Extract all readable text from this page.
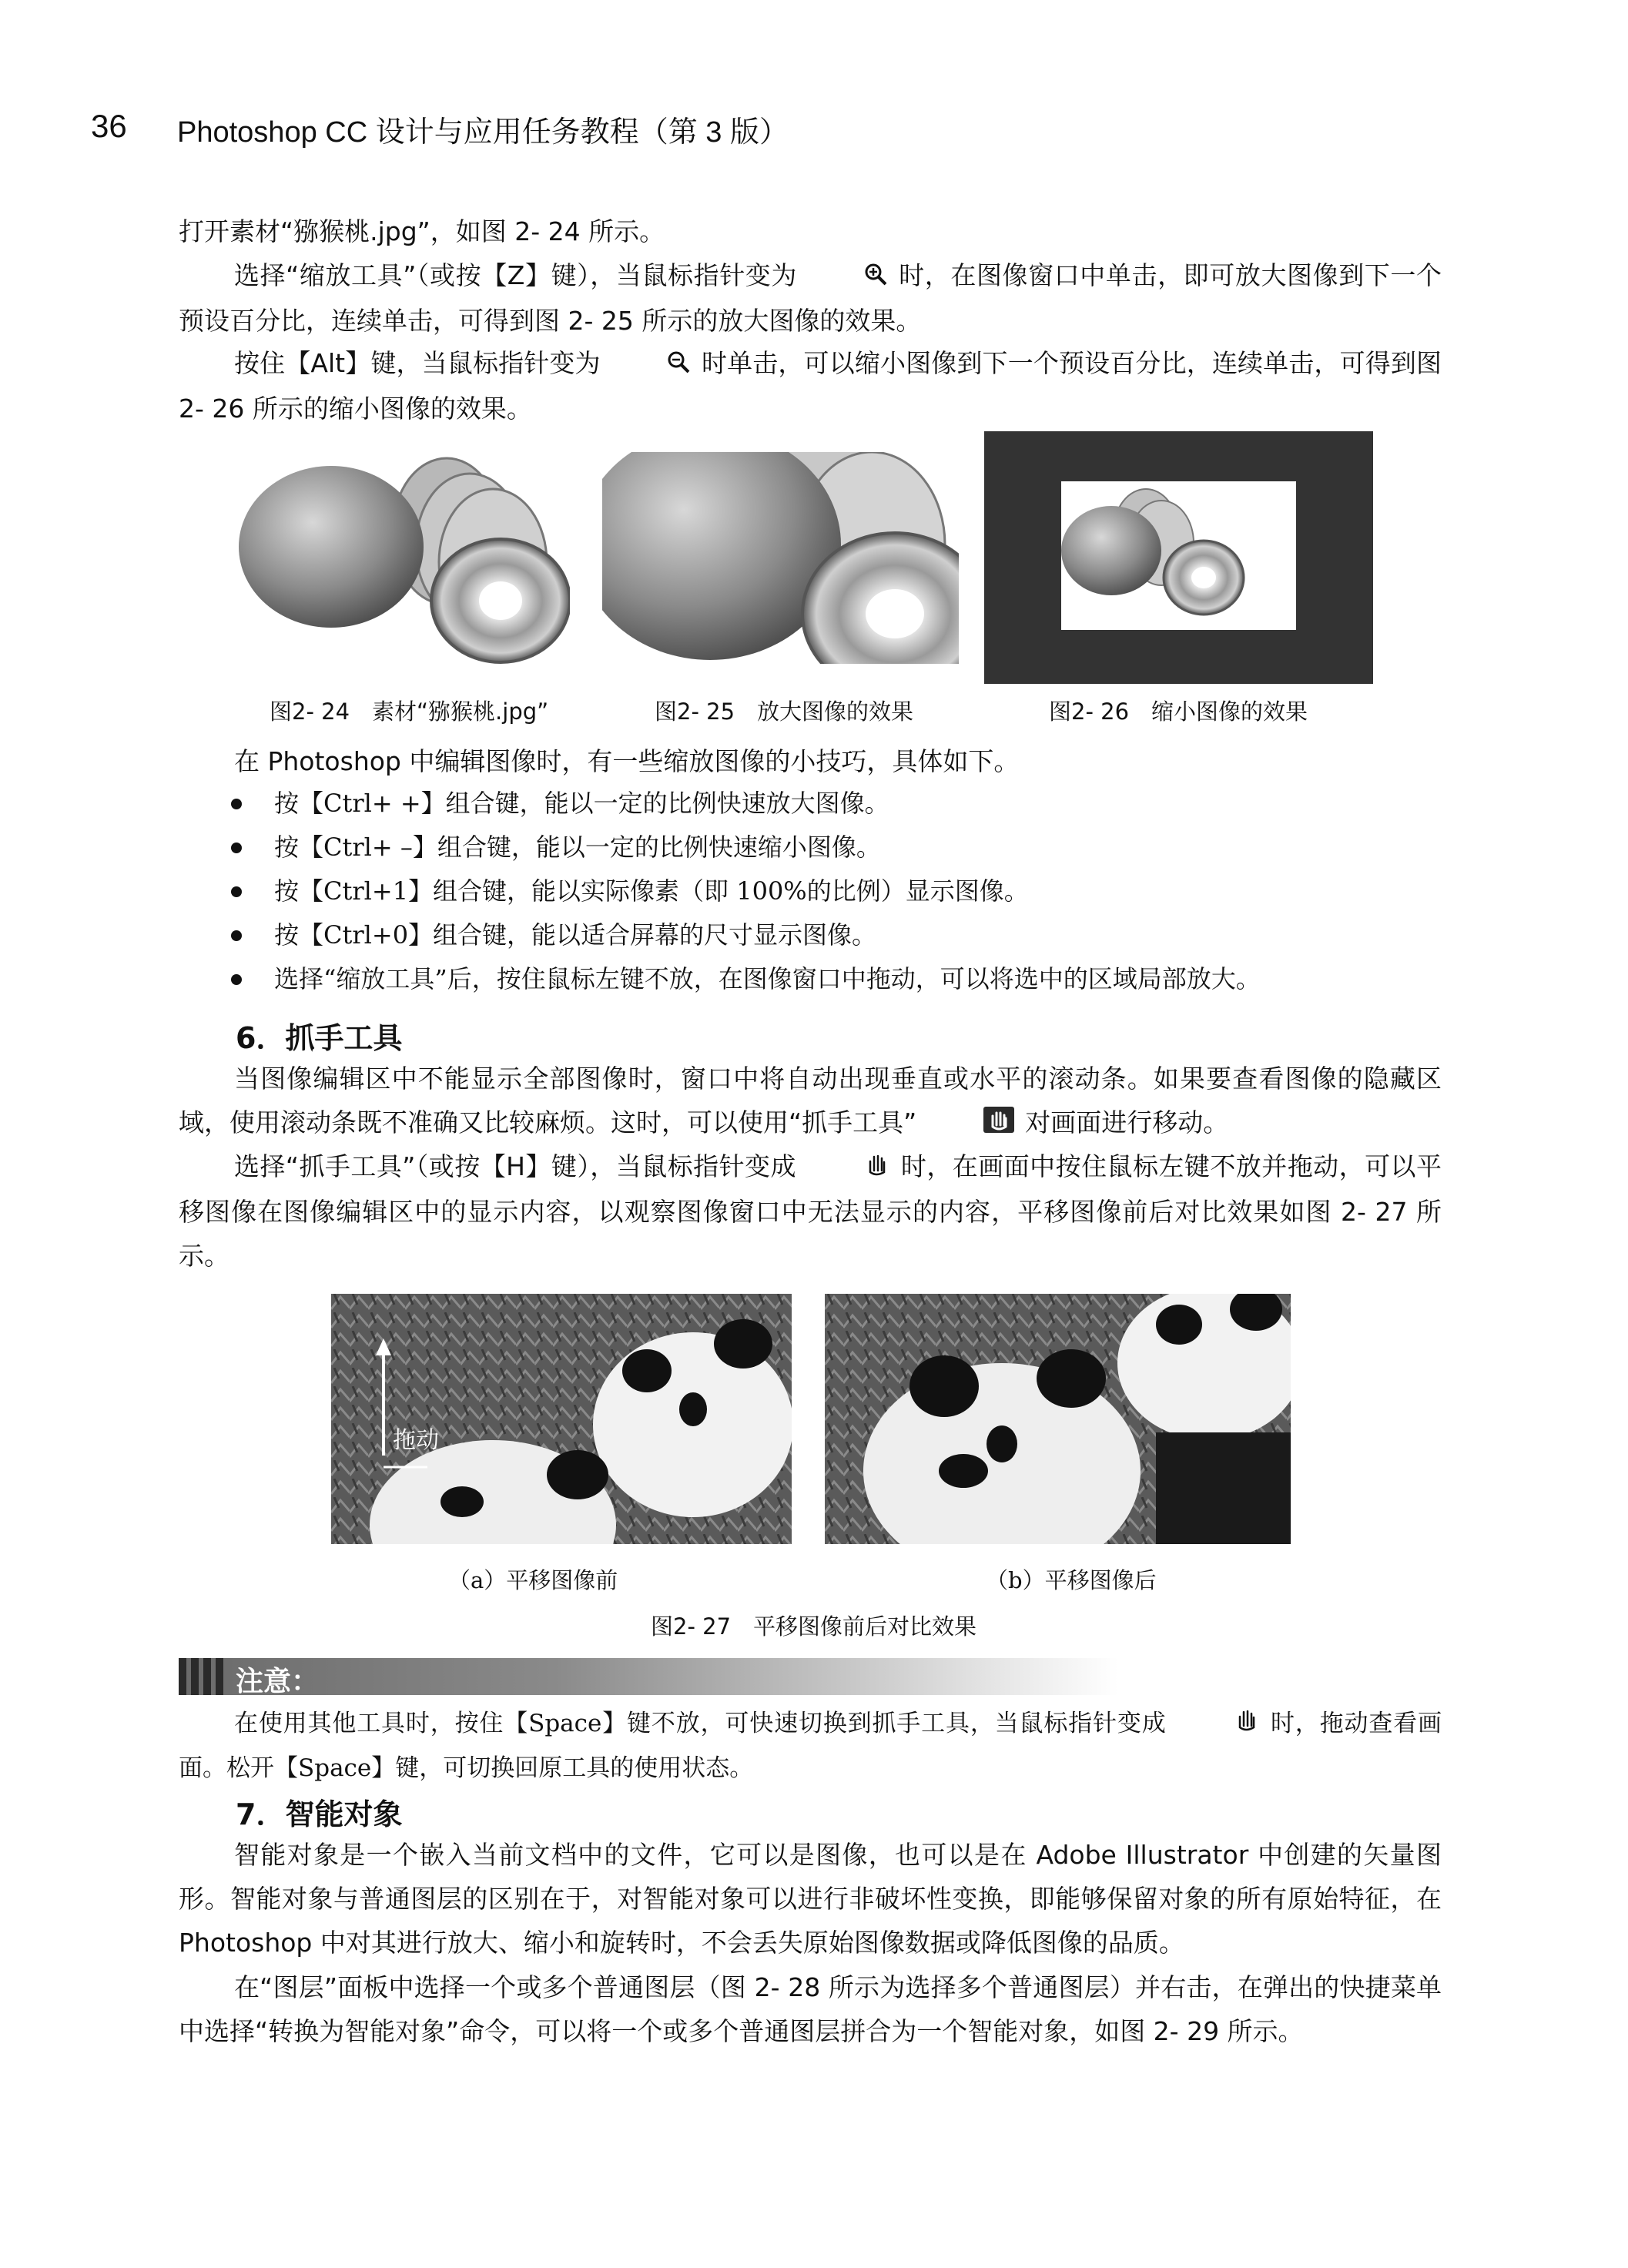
36 Photoshop CC 设计与应用任务教程（第 3 版）

打开素材“猕猴桃.jpg”，如图 2- 24 所示。

选择“缩放工具”（或按【Z】键），当鼠标指针变为	时，在图像窗口中单击，即可放大图像到下一个预设百分比，连续单击，可得到图 2- 25 所示的放大图像的效果。

按住【Alt】键，当鼠标指针变为	时单击，可以缩小图像到下一个预设百分比，连续单击，可得到图 2- 26 所示的缩小图像的效果。

图2- 24　素材“猕猴桃.jpg”	图2- 25　放大图像的效果	图2- 26　缩小图像的效果

在 Photoshop 中编辑图像时，有一些缩放图像的小技巧，具体如下。

按【Ctrl+ +】组合键，能以一定的比例快速放大图像。
按【Ctrl+ –】组合键，能以一定的比例快速缩小图像。
按【Ctrl+1】组合键，能以实际像素（即 100%的比例）显示图像。
按【Ctrl+0】组合键，能以适合屏幕的尺寸显示图像。
选择“缩放工具”后，按住鼠标左键不放，在图像窗口中拖动，可以将选中的区域局部放大。
6．抓手工具

当图像编辑区中不能显示全部图像时，窗口中将自动出现垂直或水平的滚动条。如果要查看图像的隐藏区域，使用滚动条既不准确又比较麻烦。这时，可以使用“抓手工具”	对画面进行移动。

选择“抓手工具”（或按【H】键），当鼠标指针变成	时，在画面中按住鼠标左键不放并拖动，可以平移图像在图像编辑区中的显示内容，以观察图像窗口中无法显示的内容，平移图像前后对比效果如图 2- 27 所示。

拖动
（a）平移图像前	（b）平移图像后
图2- 27　平移图像前后对比效果
注意：

在使用其他工具时，按住【Space】键不放，可快速切换到抓手工具，当鼠标指针变成	时，拖动查看画面。松开【Space】键，可切换回原工具的使用状态。

7．智能对象

智能对象是一个嵌入当前文档中的文件，它可以是图像，也可以是在 Adobe Illustrator 中创建的矢量图形。智能对象与普通图层的区别在于，对智能对象可以进行非破坏性变换，即能够保留对象的所有原始特征，在 Photoshop 中对其进行放大、缩小和旋转时，不会丢失原始图像数据或降低图像的品质。

在“图层”面板中选择一个或多个普通图层（图 2- 28 所示为选择多个普通图层）并右击，在弹出的快捷菜单中选择“转换为智能对象”命令，可以将一个或多个普通图层拼合为一个智能对象，如图 2- 29 所示。
